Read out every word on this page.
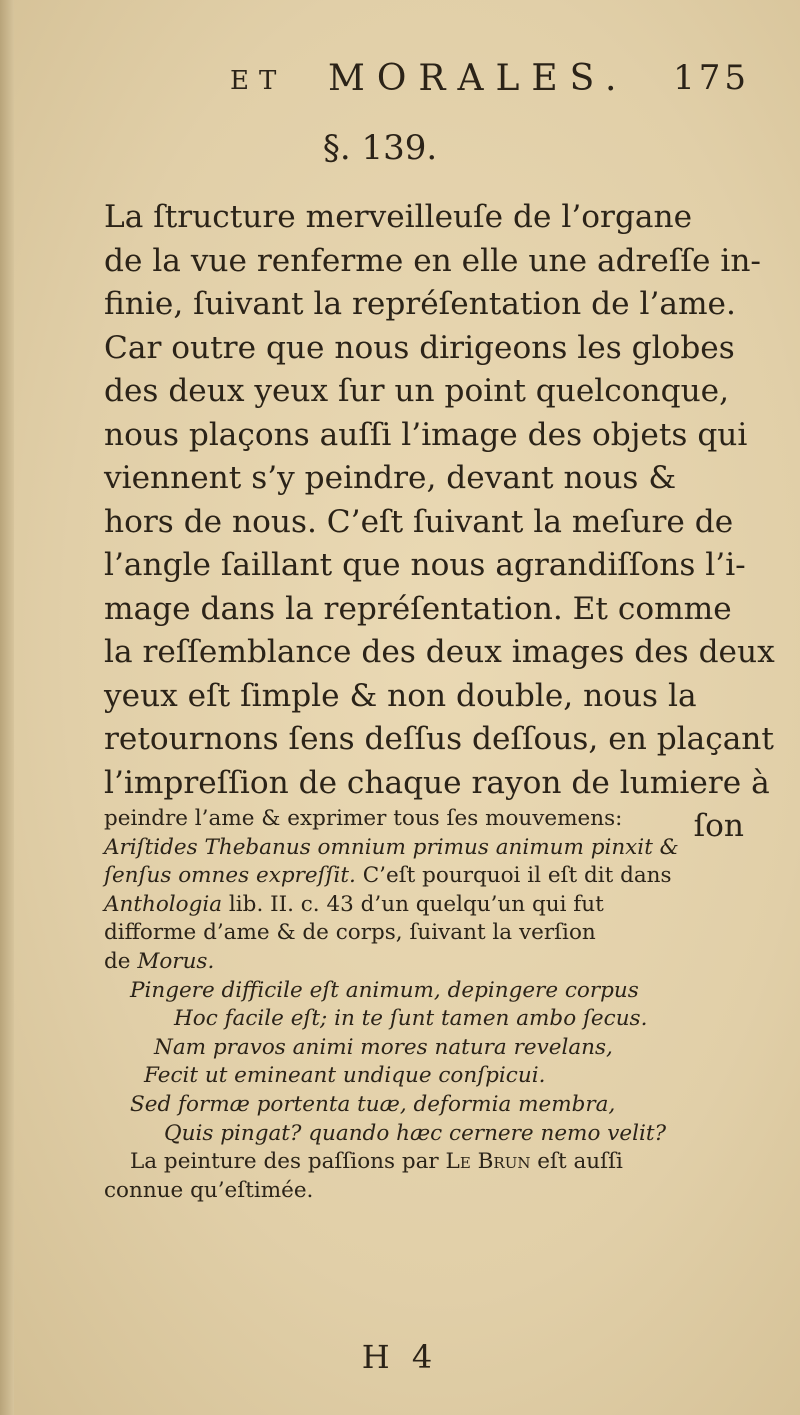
ET MORALES. 175
§. 139.
La ſtructure merveilleuſe de l’organe
de la vue renferme en elle une adreſſe in-
finie, ſuivant la repréſentation de l’ame.
Car outre que nous dirigeons les globes
des deux yeux ſur un point quelconque,
nous plaçons auſſi l’image des objets qui
viennent s’y peindre, devant nous &
hors de nous. C’eſt ſuivant la meſure de
l’angle ſaillant que nous agrandiſſons l’i-
mage dans la repréſentation. Et comme
la reſſemblance des deux images des deux
yeux eſt ſimple & non double, nous la
retournons ſens deſſus deſſous, en plaçant
l’impreſſion de chaque rayon de lumiere à
ſon
peindre l’ame & exprimer tous ſes mouvemens:
Ariſtides Thebanus omnium primus animum pinxit &
ſenſus omnes expreſſit. C’eſt pourquoi il eſt dit dans
Anthologia lib. II. c. 43 d’un quelqu’un qui fut
difforme d’ame & de corps, ſuivant la verſion
de Morus.
Pingere difficile eſt animum, depingere corpus
Hoc facile eſt; in te ſunt tamen ambo ſecus.
Nam pravos animi mores natura revelans,
Fecit ut emineant undique conſpicui.
Sed formæ portenta tuæ, deformia membra,
Quis pingat? quando hæc cernere nemo velit?
La peinture des paſſions par Le Brun eſt auſſi
connue qu’eſtimée.
H 4
